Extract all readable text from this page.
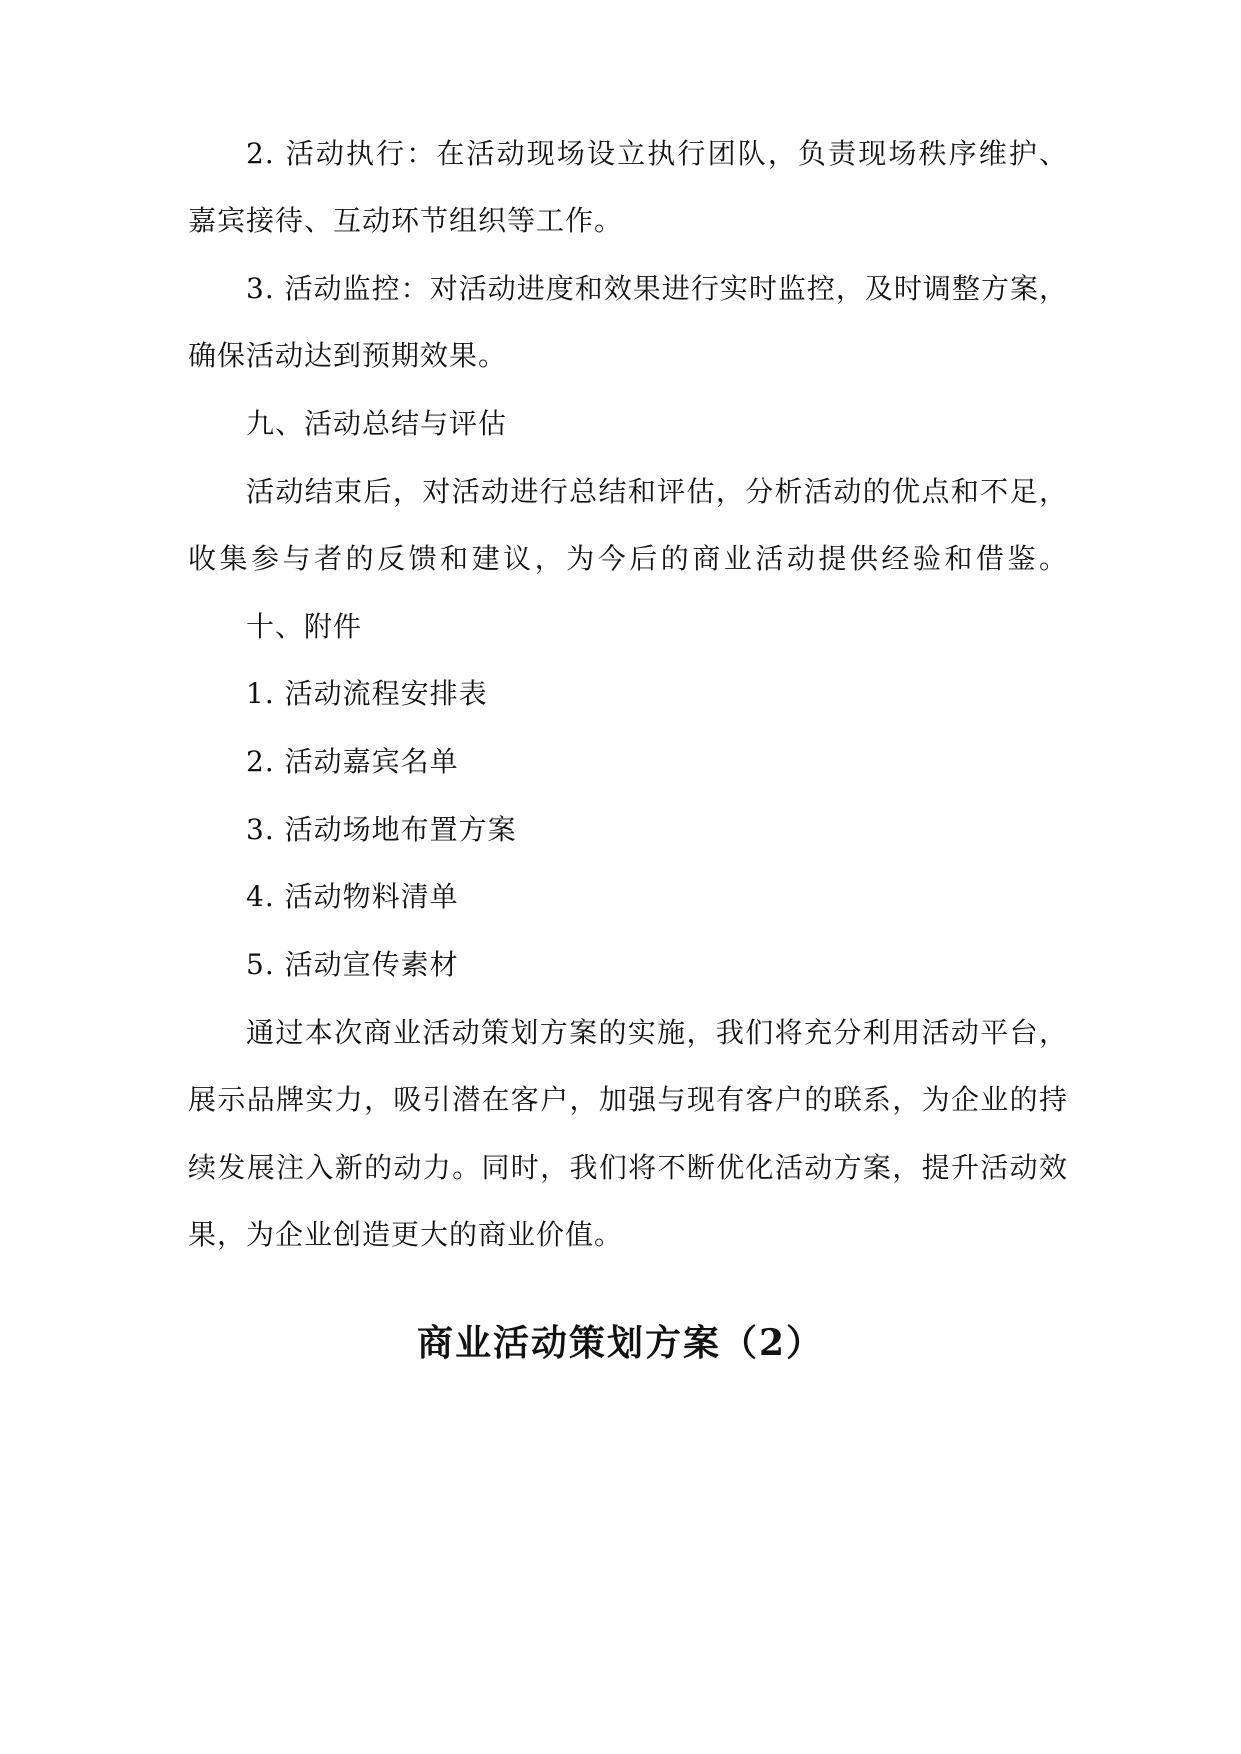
2. 活动执行：在活动现场设立执行团队，负责现场秩序维护、
嘉宾接待、互动环节组织等工作。
3. 活动监控：对活动进度和效果进行实时监控，及时调整方案，
确保活动达到预期效果。
九、活动总结与评估
活动结束后，对活动进行总结和评估，分析活动的优点和不足，
收集参与者的反馈和建议，为今后的商业活动提供经验和借鉴。
十、附件
1. 活动流程安排表
2. 活动嘉宾名单
3. 活动场地布置方案
4. 活动物料清单
5. 活动宣传素材
通过本次商业活动策划方案的实施，我们将充分利用活动平台，
展示品牌实力，吸引潜在客户，加强与现有客户的联系，为企业的持
续发展注入新的动力。同时，我们将不断优化活动方案，提升活动效
果，为企业创造更大的商业价值。
商业活动策划方案（2）
